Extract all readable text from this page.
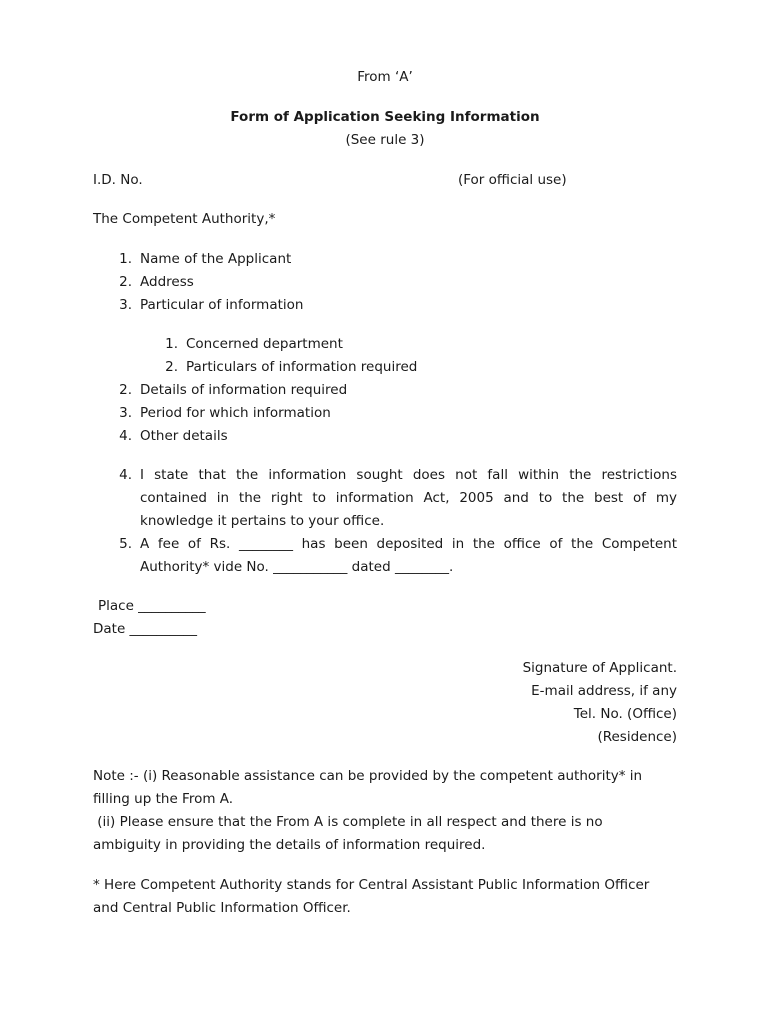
From ‘A’
Form of Application Seeking Information
(See rule 3)
I.D. No.	(For official use)
The Competent Authority,*
1. Name of the Applicant
2. Address
3. Particular of information
1. Concerned department
2. Particulars of information required
2. Details of information required
3. Period for which information
4. Other details
4. I state that the information sought does not fall within the restrictions
contained in the right to information Act, 2005 and to the best of my
knowledge it pertains to your office.
5. A fee of Rs. ________ has been deposited in the office of the Competent
Authority* vide No. ___________ dated ________.
Place __________
Date __________
Signature of Applicant.
E-mail address, if any
Tel. No. (Office)
(Residence)
Note :- (i) Reasonable assistance can be provided by the competent authority* in
filling up the From A.
(ii) Please ensure that the From A is complete in all respect and there is no
ambiguity in providing the details of information required.
* Here Competent Authority stands for Central Assistant Public Information Officer
and Central Public Information Officer.
